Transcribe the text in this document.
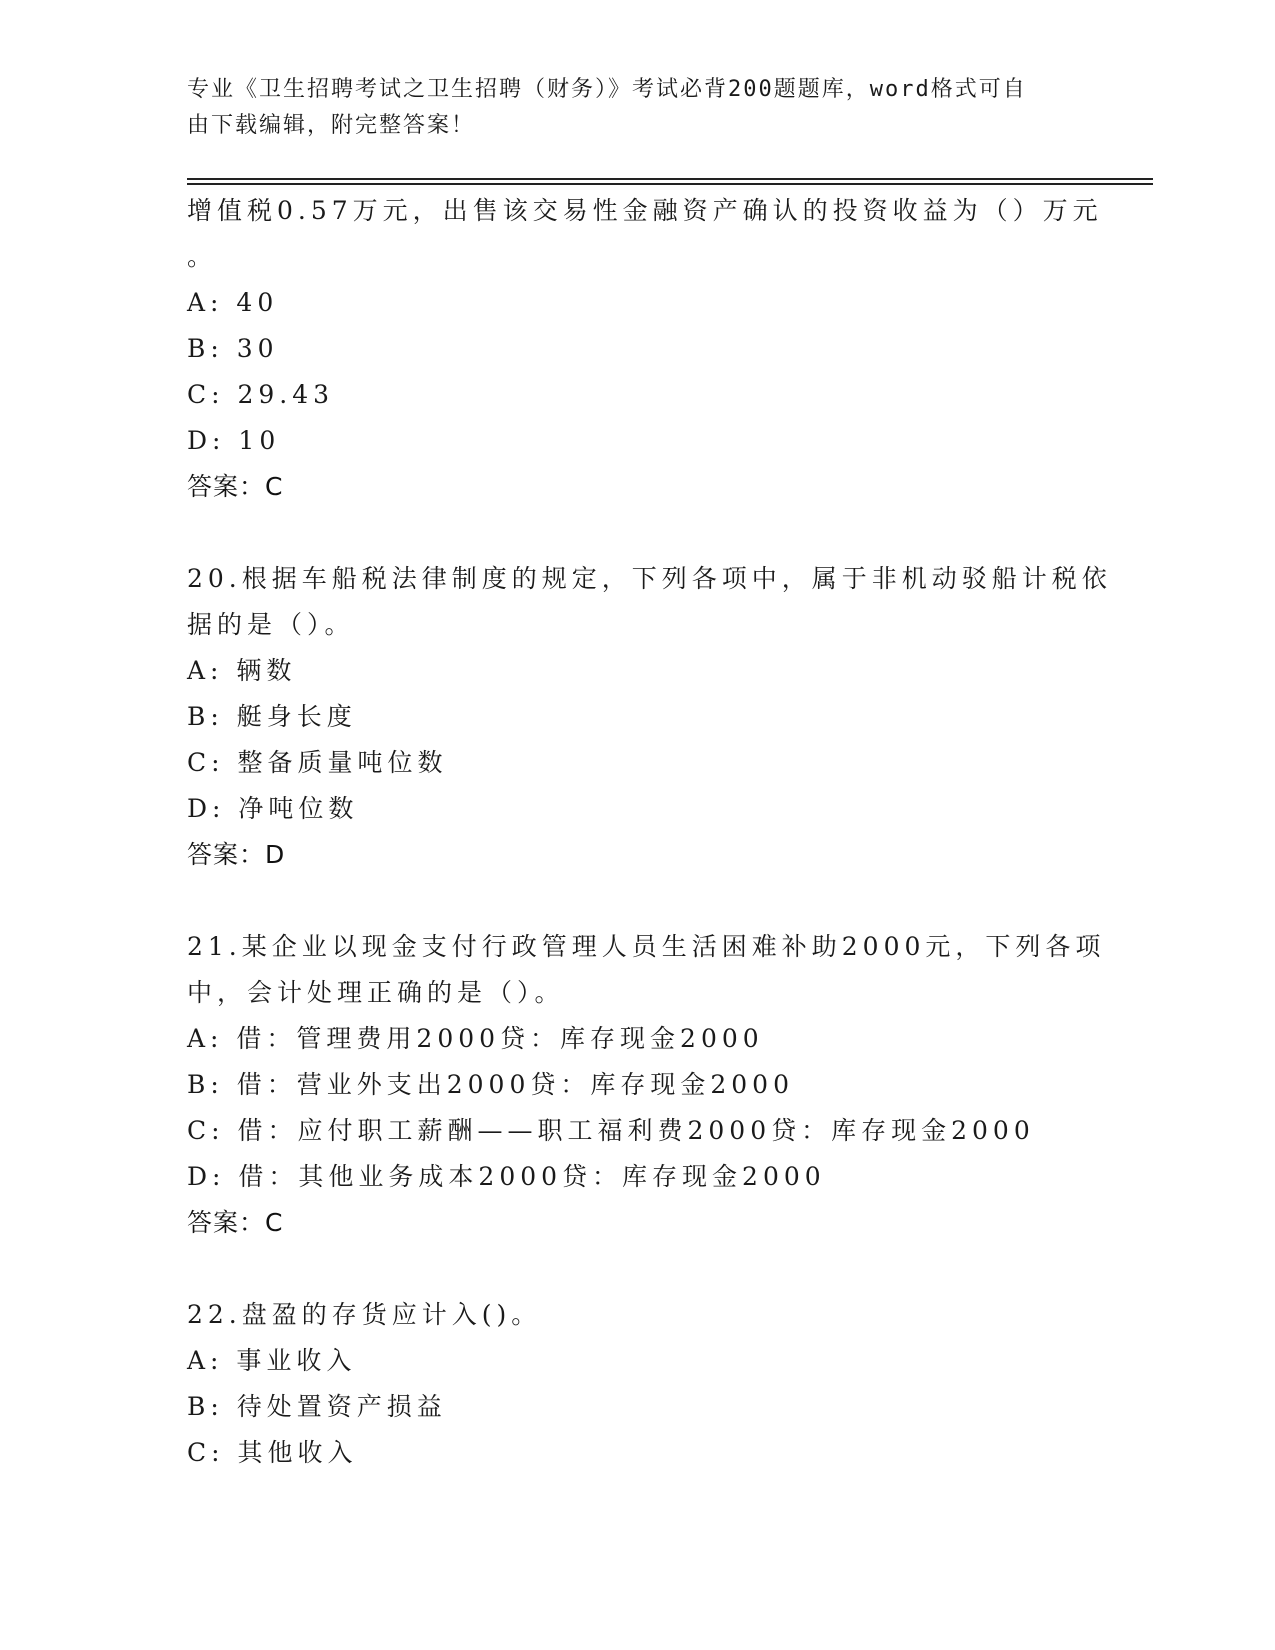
专业《卫生招聘考试之卫生招聘（财务）》考试必背200题题库，word格式可自
由下载编辑，附完整答案！
增值税0.57万元，出售该交易性金融资产确认的投资收益为（）万元
。
A: 40
B: 30
C: 29.43
D: 10
答案：C
20.根据车船税法律制度的规定，下列各项中，属于非机动驳船计税依
据的是（）。
A: 辆数
B: 艇身长度
C: 整备质量吨位数
D: 净吨位数
答案：D
21.某企业以现金支付行政管理人员生活困难补助2000元，下列各项
中，会计处理正确的是（）。
A: 借：管理费用2000贷：库存现金2000
B: 借：营业外支出2000贷：库存现金2000
C: 借：应付职工薪酬——职工福利费2000贷：库存现金2000
D: 借：其他业务成本2000贷：库存现金2000
答案：C
22.盘盈的存货应计入()。
A: 事业收入
B: 待处置资产损益
C: 其他收入
